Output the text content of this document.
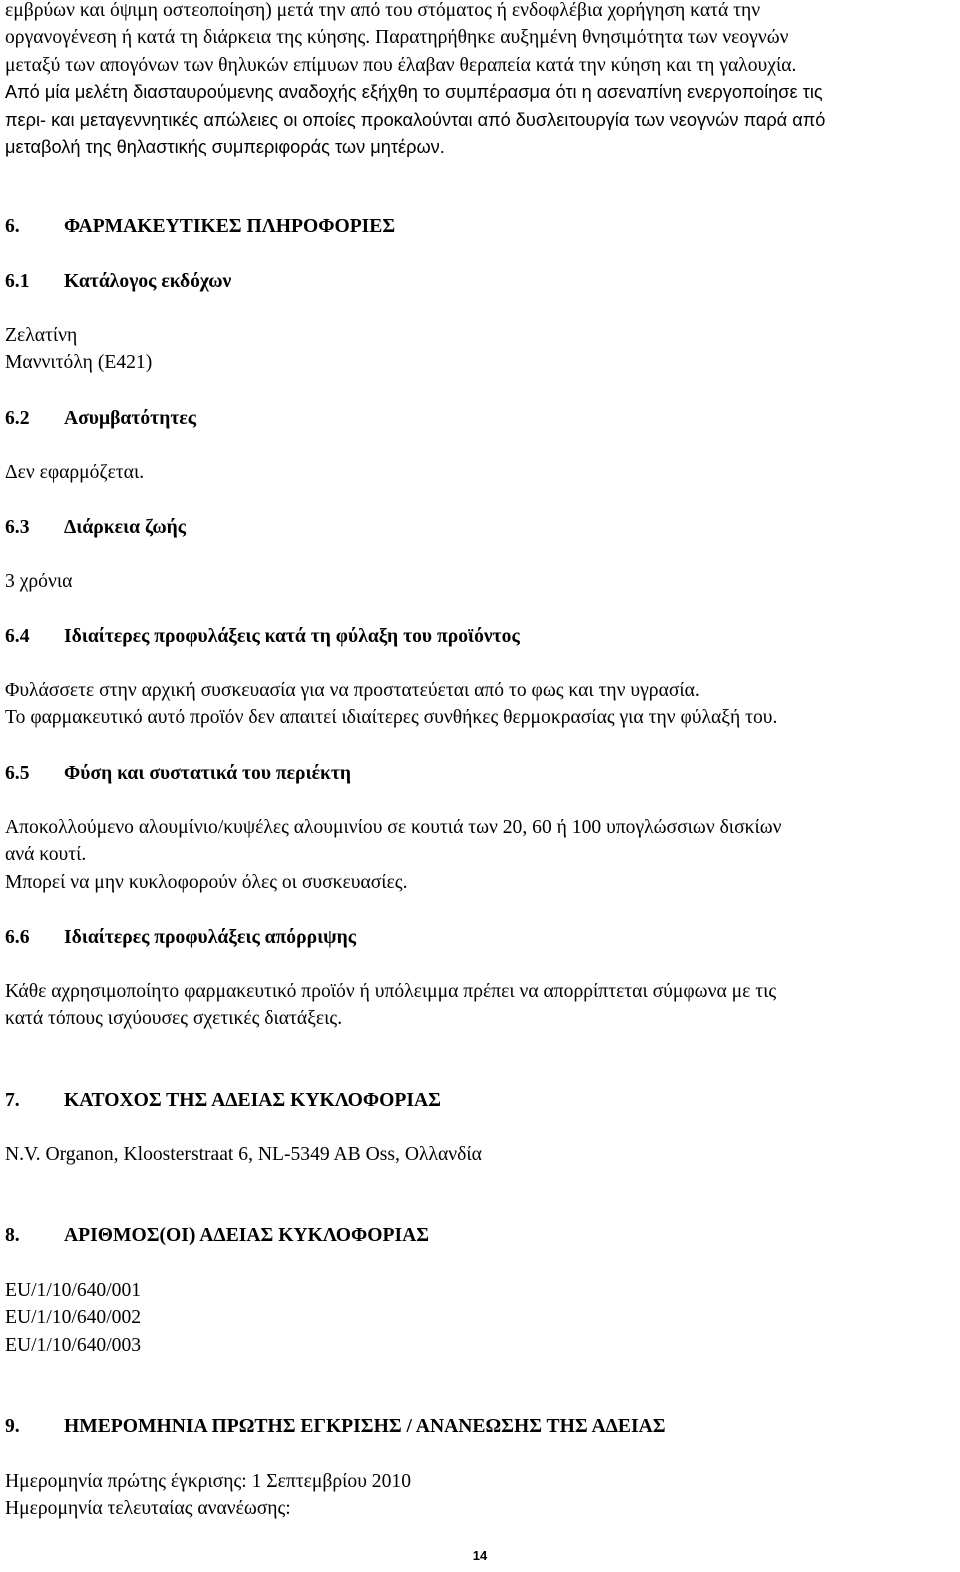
εμβρύων και όψιμη οστεοποίηση) μετά την από του στόματος ή ενδοφλέβια χορήγηση κατά την

οργανογένεση ή κατά τη διάρκεια της κύησης. Παρατηρήθηκε αυξημένη θνησιμότητα των νεογνών

μεταξύ των απογόνων των θηλυκών επίμυων που έλαβαν θεραπεία κατά την κύηση και τη γαλουχία.

Από μία μελέτη διασταυρούμενης αναδοχής εξήχθη το συμπέρασμα ότι η ασεναπίνη ενεργοποίησε τις

περι- και μεταγεννητικές απώλειες οι οποίες προκαλούνται από δυσλειτουργία των νεογνών παρά από

μεταβολή της θηλαστικής συμπεριφοράς των μητέρων.

6.	ΦΑΡΜΑΚΕΥΤΙΚΕΣ ΠΛΗΡΟΦΟΡΙΕΣ
6.1	Κατάλογος εκδόχων

Ζελατίνη

Μαννιτόλη (E421)

6.2	Ασυμβατότητες

Δεν εφαρμόζεται.

6.3	Διάρκεια ζωής

3 χρόνια

6.4	Ιδιαίτερες προφυλάξεις κατά τη φύλαξη του προϊόντος

Φυλάσσετε στην αρχική συσκευασία για να προστατεύεται από το φως και την υγρασία.

Το φαρμακευτικό αυτό προϊόν δεν απαιτεί ιδιαίτερες συνθήκες θερμοκρασίας για την φύλαξή του.

6.5	Φύση και συστατικά του περιέκτη

Αποκολλούμενο αλουμίνιο/κυψέλες αλουμινίου σε κουτιά των 20, 60 ή 100 υπογλώσσιων δισκίων

ανά κουτί.

Μπορεί να μην κυκλοφορούν όλες οι συσκευασίες.

6.6	Ιδιαίτερες προφυλάξεις απόρριψης

Κάθε αχρησιμοποίητο φαρμακευτικό προϊόν ή υπόλειμμα πρέπει να απορρίπτεται σύμφωνα με τις

κατά τόπους ισχύουσες σχετικές διατάξεις.

7.	ΚΑΤΟΧΟΣ ΤΗΣ ΑΔΕΙΑΣ ΚΥΚΛΟΦΟΡΙΑΣ

N.V. Organon, Kloosterstraat 6, NL-5349 AB Oss, Ολλανδία

8.	ΑΡΙΘΜΟΣ(ΟΙ) ΑΔΕΙΑΣ ΚΥΚΛΟΦΟΡΙΑΣ

EU/1/10/640/001

EU/1/10/640/002

EU/1/10/640/003

9.	ΗΜΕΡΟΜΗΝΙΑ ΠΡΩΤΗΣ ΕΓΚΡΙΣΗΣ / ΑΝΑΝΕΩΣΗΣ ΤΗΣ ΑΔΕΙΑΣ

Ημερομηνία πρώτης έγκρισης: 1 Σεπτεμβρίου 2010

Ημερομηνία τελευταίας ανανέωσης:

14
